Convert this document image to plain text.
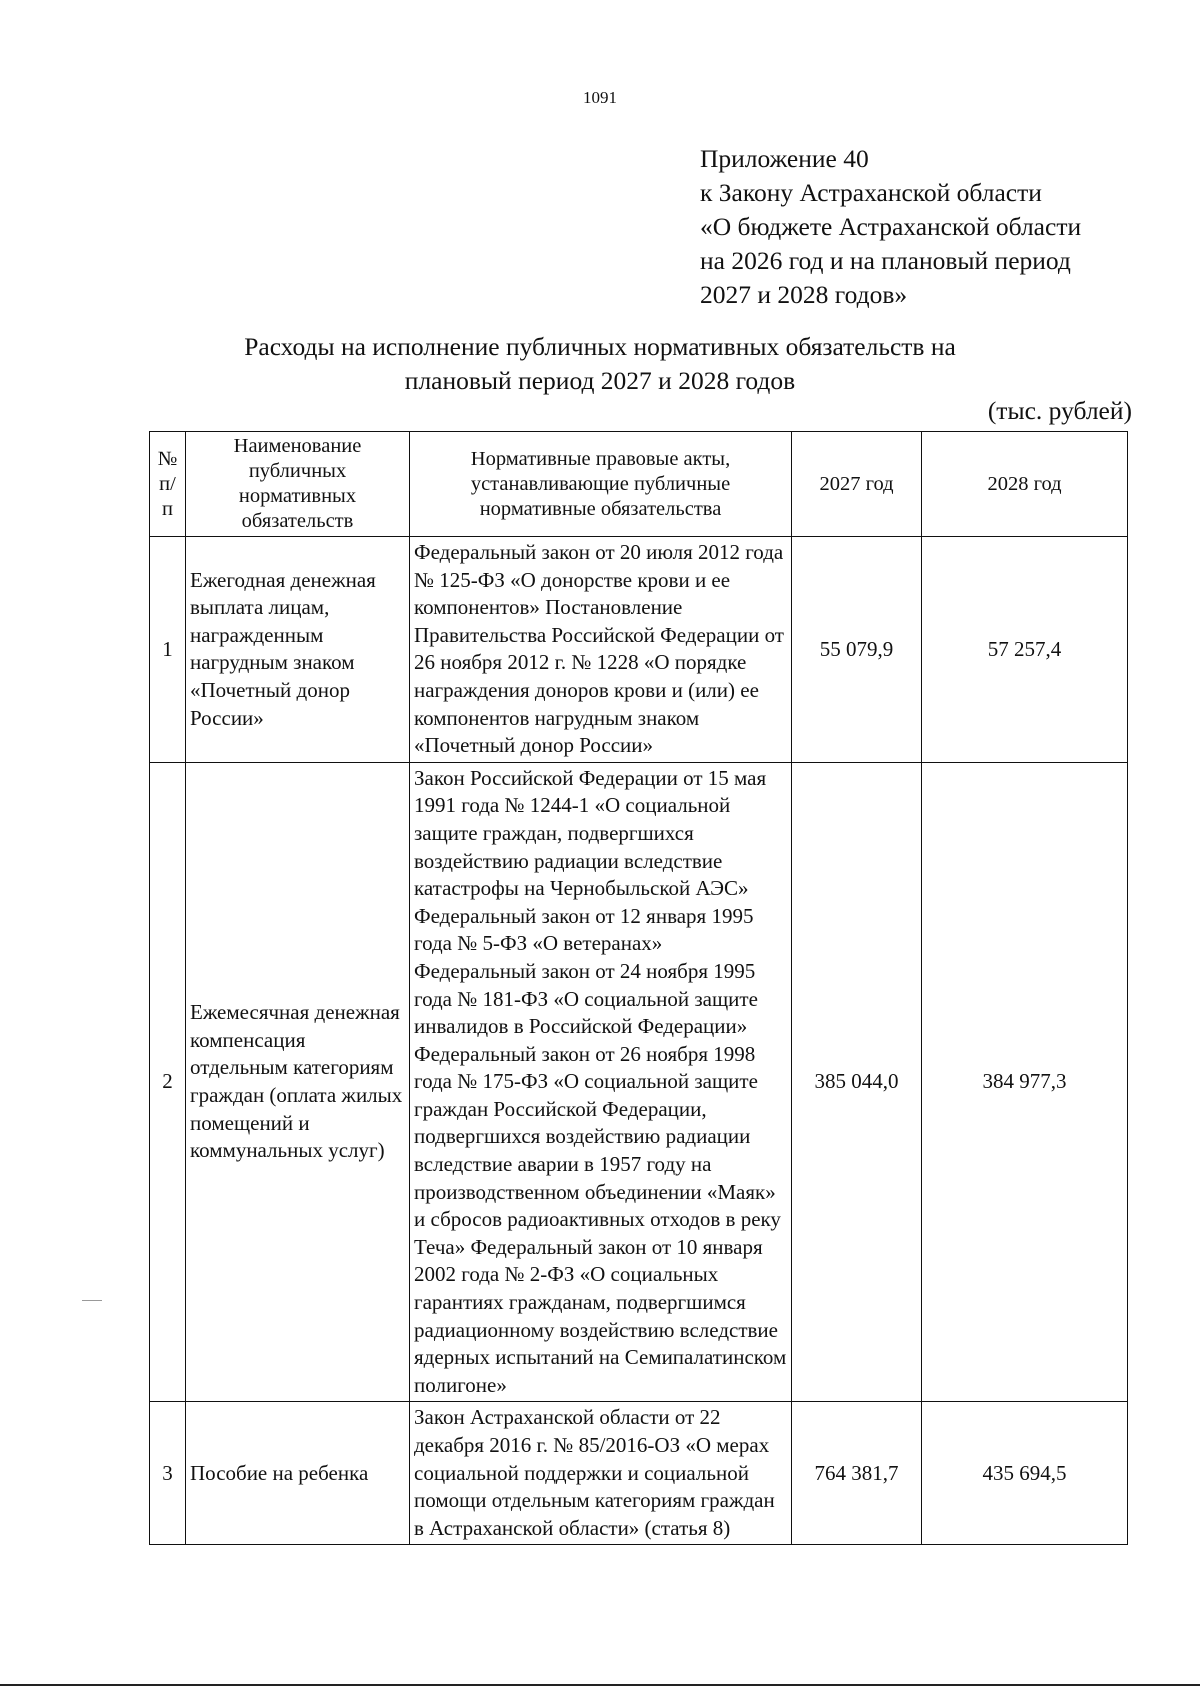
1091
Приложение 40
к Закону Астраханской области
«О бюджете Астраханской области
на 2026 год и на плановый период
2027 и 2028 годов»
Расходы на исполнение публичных нормативных обязательств на
плановый период 2027 и 2028 годов
(тыс. рублей)
№ п/п	Наименование публичных нормативных обязательств	Нормативные правовые акты, устанавливающие публичные нормативные обязательства	2027 год	2028 год
1	Ежегодная денежная выплата лицам, награжденным нагрудным знаком «Почетный донор России»	Федеральный закон от 20 июля 2012 года № 125-ФЗ «О донорстве крови и ее компонентов» Постановление Правительства Российской Федерации от 26 ноября 2012 г. № 1228 «О порядке награждения доноров крови и (или) ее компонентов нагрудным знаком «Почетный донор России»	55 079,9	57 257,4
2	Ежемесячная денежная компенсация отдельным категориям граждан (оплата жилых помещений и коммунальных услуг)	Закон Российской Федерации от 15 мая 1991 года № 1244-1 «О социальной защите граждан, подвергшихся воздействию радиации вследствие катастрофы на Чернобыльской АЭС» Федеральный закон от 12 января 1995 года № 5-ФЗ «О ветеранах» Федеральный закон от 24 ноября 1995 года № 181-ФЗ «О социальной защите инвалидов в Российской Федерации» Федеральный закон от 26 ноября 1998 года № 175-ФЗ «О социальной защите граждан Российской Федерации, подвергшихся воздействию радиации вследствие аварии в 1957 году на производственном объединении «Маяк» и сбросов радиоактивных отходов в реку Теча» Федеральный закон от 10 января 2002 года № 2-ФЗ «О социальных гарантиях гражданам, подвергшимся радиационному воздействию вследствие ядерных испытаний на Семипалатинском полигоне»	385 044,0	384 977,3
3	Пособие на ребенка	Закон Астраханской области от 22 декабря 2016 г. № 85/2016-ОЗ «О мерах социальной поддержки и социальной помощи отдельным категориям граждан в Астраханской области» (статья 8)	764 381,7	435 694,5
